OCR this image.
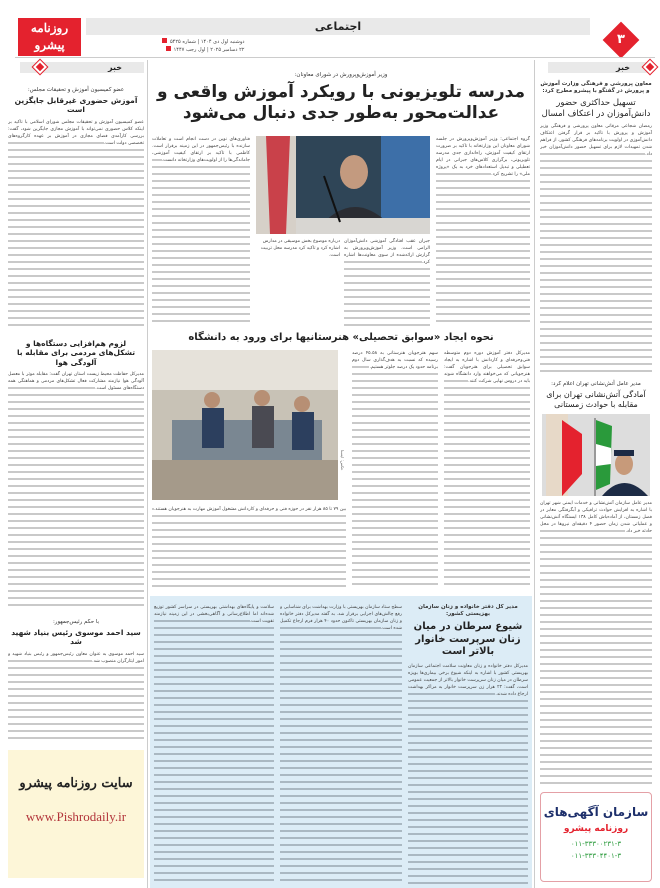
روزنامه پیشرو
اجتماعی
دوشنبه اول دی ۱۴۰۴ | شماره ۵۴۲۵
۲۲ دسامبر ۲۰۲۵ | اول رجب ۱۴۴۷
۳
خبر
معاون پرورشی و فرهنگی وزارت آموزش و پرورش در گفتگو با پیشرو مطرح کرد:
تسهیل حداکثری حضور دانش‌آموزان در اعتکاف امسال
رمضان شجاعی مرقاتی معاون پرورشی و فرهنگی وزیر آموزش و پرورش با تاکید بر قرار گرفتن اعتکاف دانش‌آموزی در اولویت برنامه‌های فرهنگی کشور، از فراهم شدن تمهیدات لازم برای تسهیل حضور دانش‌آموزان خبر داد.
مدیر عامل آتش‌نشانی تهران اعلام کرد:
آمادگی آتش‌نشانی تهران برای مقابله با حوادث زمستانی
مدیر عامل سازمان آتش‌نشانی و خدمات ایمنی شهر تهران با اشاره به افزایش حوادث ترافیکی و آبگرفتگی معابر در فصل زمستان، از آماده‌باش کامل ۱۳۸ ایستگاه آتش‌نشانی و عملیاتی شدن زمان حضور ۴ دقیقه‌ای نیروها در محل حادثه خبر داد.
سازمان آگهی‌های
روزنامه پیشرو
۰۱۱-۳۳۳۰۰۲۳۱-۳
۰۱۱-۳۳۳۰۴۴۰۱-۳
خبر
عضو کمیسیون آموزش و تحقیقات مجلس:
آموزش حضوری غیرقابل جایگزین است
عضو کمیسیون آموزش و تحقیقات مجلس شورای اسلامی با تاکید بر اینکه کلاس حضوری نمی‌تواند با آموزش مجازی جایگزین شود، گفت: بررسی کارآمدی فضای مجازی در آموزش بر عهده کارگروه‌های تخصصی دولت است.
لزوم هم‌افزایی دستگاه‌ها و تشکل‌های مردمی برای مقابله با آلودگی هوا
مدیرکل حفاظت محیط زیست استان تهران گفت: مقابله موثر با معضل آلودگی هوا نیازمند مشارکت فعال تشکل‌های مردمی و هماهنگی همه دستگاه‌های مسئول است.
با حکم رئیس‌جمهور:
سید احمد موسوی رئیس بنیاد شهید شد
سید احمد موسوی به عنوان معاون رئیس‌جمهور و رئیس بنیاد شهید و امور ایثارگران منصوب شد.
سایت روزنامه پیشرو
www.Pishrodaily.ir
وزیر آموزش‌وپرورش در شورای معاونان:
مدرسه تلویزیونی با رویکرد آموزش واقعی و عدالت‌محور به‌طور جدی دنبال می‌شود
گروه اجتماعی: وزیر آموزش‌وپرورش در جلسه شورای معاونان این وزارتخانه با تاکید بر ضرورت ارتقای کیفیت آموزش، راه‌اندازی جدی مدرسه تلویزیونی، برگزاری کلاس‌های جبرانی در ایام تعطیلی و تبدیل استعدادهای خرد به یک «پروژه ملی» را تشریح کرد.
جبران عقب افتادگی آموزشی دانش‌آموزان الزامی است. وزیر آموزش‌وپرورش به گزارش ارائه‌شده از سوی معاونت‌ها اشاره کرد.
درباره موضوع بخش موسیقی در مدارس اشاره کرد و تاکید کرد مدرسه محل تربیت است.
فناوری‌های نوین در دست انجام است و تعاملات سازنده با رئیس‌جمهور در این زمینه برقرار است. کاظمی با تاکید بر ارتقای کیفیت آموزشی، جاماندگی‌ها را از اولویت‌های وزارتخانه دانست.
نحوه ایجاد «سوابق تحصیلی» هنرستانیها برای ورود به دانشگاه
مدیرکل دفتر آموزش دوره دوم متوسطه فنی‌وحرفه‌ای و کاردانش با اشاره به ایجاد سوابق تحصیلی برای هنرجویان گفت: هنرجویانی که می‌خواهند وارد دانشگاه شوند باید در دروس نهایی شرکت کنند.
سهم هنرجویان هنرستانی به ۴۵.۵۸ درصد رسیده که نسبت به هدف‌گذاری سال دوم برنامه حدود یک درصد جلوتر هستیم.
عکس: ایسنا
بین ۷۹ تا ۸۵ هزار نفر در حوزه فنی و حرفه‌ای و کاردانش مشغول آموزش مهارت به هنرجویان هستند.
مدیر کل دفتر خانواده و زنان سازمان بهزیستی کشور:
شیوع سرطان در میان زنان سرپرست خانوار بالاتر است
مدیرکل دفتر خانواده و زنان معاونت سلامت اجتماعی سازمان بهزیستی کشور با اشاره به اینکه شیوع برخی بیماری‌ها بویژه سرطان در میان زنان سرپرست خانوار بالاتر از جمعیت عمومی است، گفت: ۲۲ هزار زن سرپرست خانوار به مراکز بهداشت ارجاع داده شدند.
سطح ستاد سازمان بهزیستی با وزارت بهداشت برای شناسایی و رفع چالش‌های اجرایی برقرار شد. به گفته مدیرکل دفتر خانواده و زنان سازمان بهزیستی تاکنون حدود ۴۰ هزار فرم ارجاع تکمیل شده است.
سلامت و پایگاه‌های بهداشتی بهزیستی در سراسر کشور توزیع شده‌اند اما اطلاع‌رسانی و آگاهی‌بخشی در این زمینه نیازمند تقویت است.
